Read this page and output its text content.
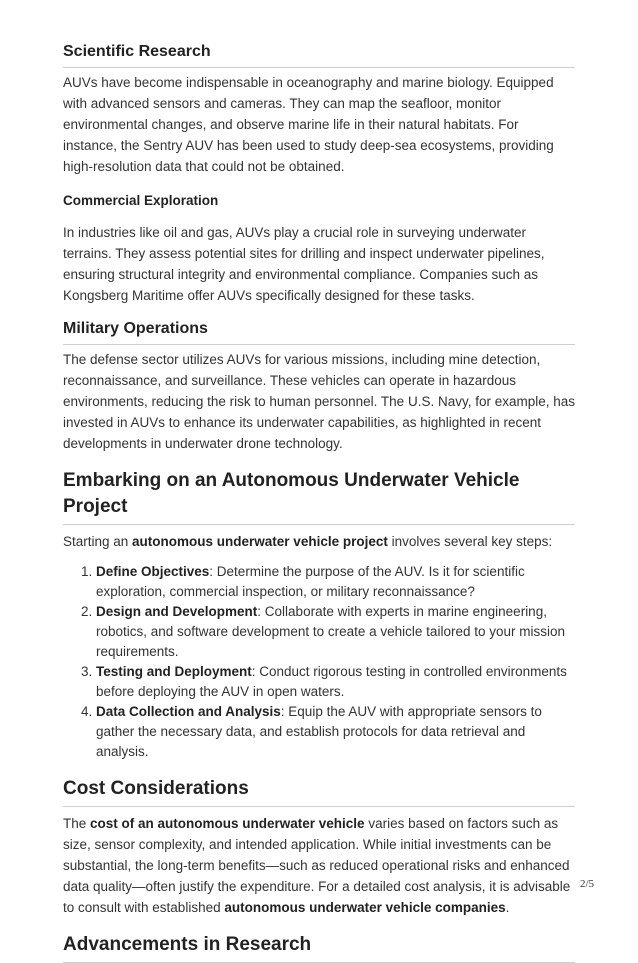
Scientific Research

AUVs have become indispensable in oceanography and marine biology. Equipped with advanced sensors and cameras. They can map the seafloor, monitor environmental changes, and observe marine life in their natural habitats. For instance, the Sentry AUV has been used to study deep-sea ecosystems, providing high-resolution data that could not be obtained.

Commercial Exploration

In industries like oil and gas, AUVs play a crucial role in surveying underwater terrains. They assess potential sites for drilling and inspect underwater pipelines, ensuring structural integrity and environmental compliance. Companies such as Kongsberg Maritime offer AUVs specifically designed for these tasks.

Military Operations

The defense sector utilizes AUVs for various missions, including mine detection, reconnaissance, and surveillance. These vehicles can operate in hazardous environments, reducing the risk to human personnel. The U.S. Navy, for example, has invested in AUVs to enhance its underwater capabilities, as highlighted in recent developments in underwater drone technology.

Embarking on an Autonomous Underwater Vehicle Project

Starting an autonomous underwater vehicle project involves several key steps:

1. Define Objectives: Determine the purpose of the AUV. Is it for scientific exploration, commercial inspection, or military reconnaissance?
2. Design and Development: Collaborate with experts in marine engineering, robotics, and software development to create a vehicle tailored to your mission requirements.
3. Testing and Deployment: Conduct rigorous testing in controlled environments before deploying the AUV in open waters.
4. Data Collection and Analysis: Equip the AUV with appropriate sensors to gather the necessary data, and establish protocols for data retrieval and analysis.
Cost Considerations

The cost of an autonomous underwater vehicle varies based on factors such as size, sensor complexity, and intended application. While initial investments can be substantial, the long-term benefits—such as reduced operational risks and enhanced data quality—often justify the expenditure. For a detailed cost analysis, it is advisable to consult with established autonomous underwater vehicle companies.

Advancements in Research
2/5
